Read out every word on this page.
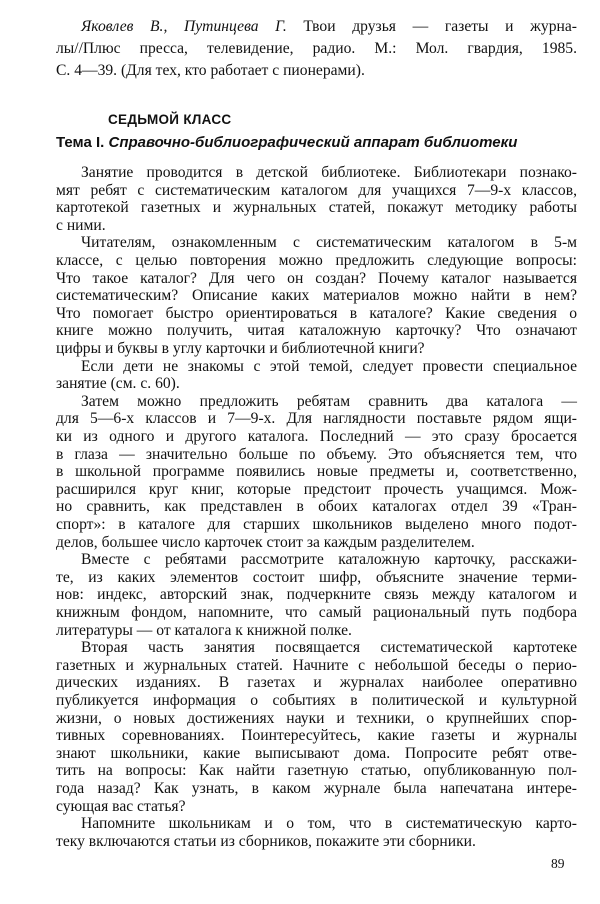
Яковлев В., Путинцева Г. Твои друзья — газеты и журна-
лы//Плюс пресса, телевидение, радио. М.: Мол. гвардия, 1985.
С. 4—39. (Для тех, кто работает с пионерами).
СЕДЬМОЙ КЛАСС
Тема I. Справочно-библиографический аппарат библиотеки
Занятие проводится в детской библиотеке. Библиотекари познако-
мят ребят с систематическим каталогом для учащихся 7—9-х классов,
картотекой газетных и журнальных статей, покажут методику работы
с ними.
Читателям, ознакомленным с систематическим каталогом в 5-м
классе, с целью повторения можно предложить следующие вопросы:
Что такое каталог? Для чего он создан? Почему каталог называется
систематическим? Описание каких материалов можно найти в нем?
Что помогает быстро ориентироваться в каталоге? Какие сведения о
книге можно получить, читая каталожную карточку? Что означают
цифры и буквы в углу карточки и библиотечной книги?
Если дети не знакомы с этой темой, следует провести специальное
занятие (см. с. 60).
Затем можно предложить ребятам сравнить два каталога —
для 5—6-х классов и 7—9-х. Для наглядности поставьте рядом ящи-
ки из одного и другого каталога. Последний — это сразу бросается
в глаза — значительно больше по объему. Это объясняется тем, что
в школьной программе появились новые предметы и, соответственно,
расширился круг книг, которые предстоит прочесть учащимся. Мож-
но сравнить, как представлен в обоих каталогах отдел 39 «Тран-
спорт»: в каталоге для старших школьников выделено много подот-
делов, большее число карточек стоит за каждым разделителем.
Вместе с ребятами рассмотрите каталожную карточку, расскажи-
те, из каких элементов состоит шифр, объясните значение терми-
нов: индекс, авторский знак, подчеркните связь между каталогом и
книжным фондом, напомните, что самый рациональный путь подбора
литературы — от каталога к книжной полке.
Вторая часть занятия посвящается систематической картотеке
газетных и журнальных статей. Начните с небольшой беседы о перио-
дических изданиях. В газетах и журналах наиболее оперативно
публикуется информация о событиях в политической и культурной
жизни, о новых достижениях науки и техники, о крупнейших спор-
тивных соревнованиях. Поинтересуйтесь, какие газеты и журналы
знают школьники, какие выписывают дома. Попросите ребят отве-
тить на вопросы: Как найти газетную статью, опубликованную пол-
года назад? Как узнать, в каком журнале была напечатана интере-
сующая вас статья?
Напомните школьникам и о том, что в систематическую карто-
теку включаются статьи из сборников, покажите эти сборники.
89
